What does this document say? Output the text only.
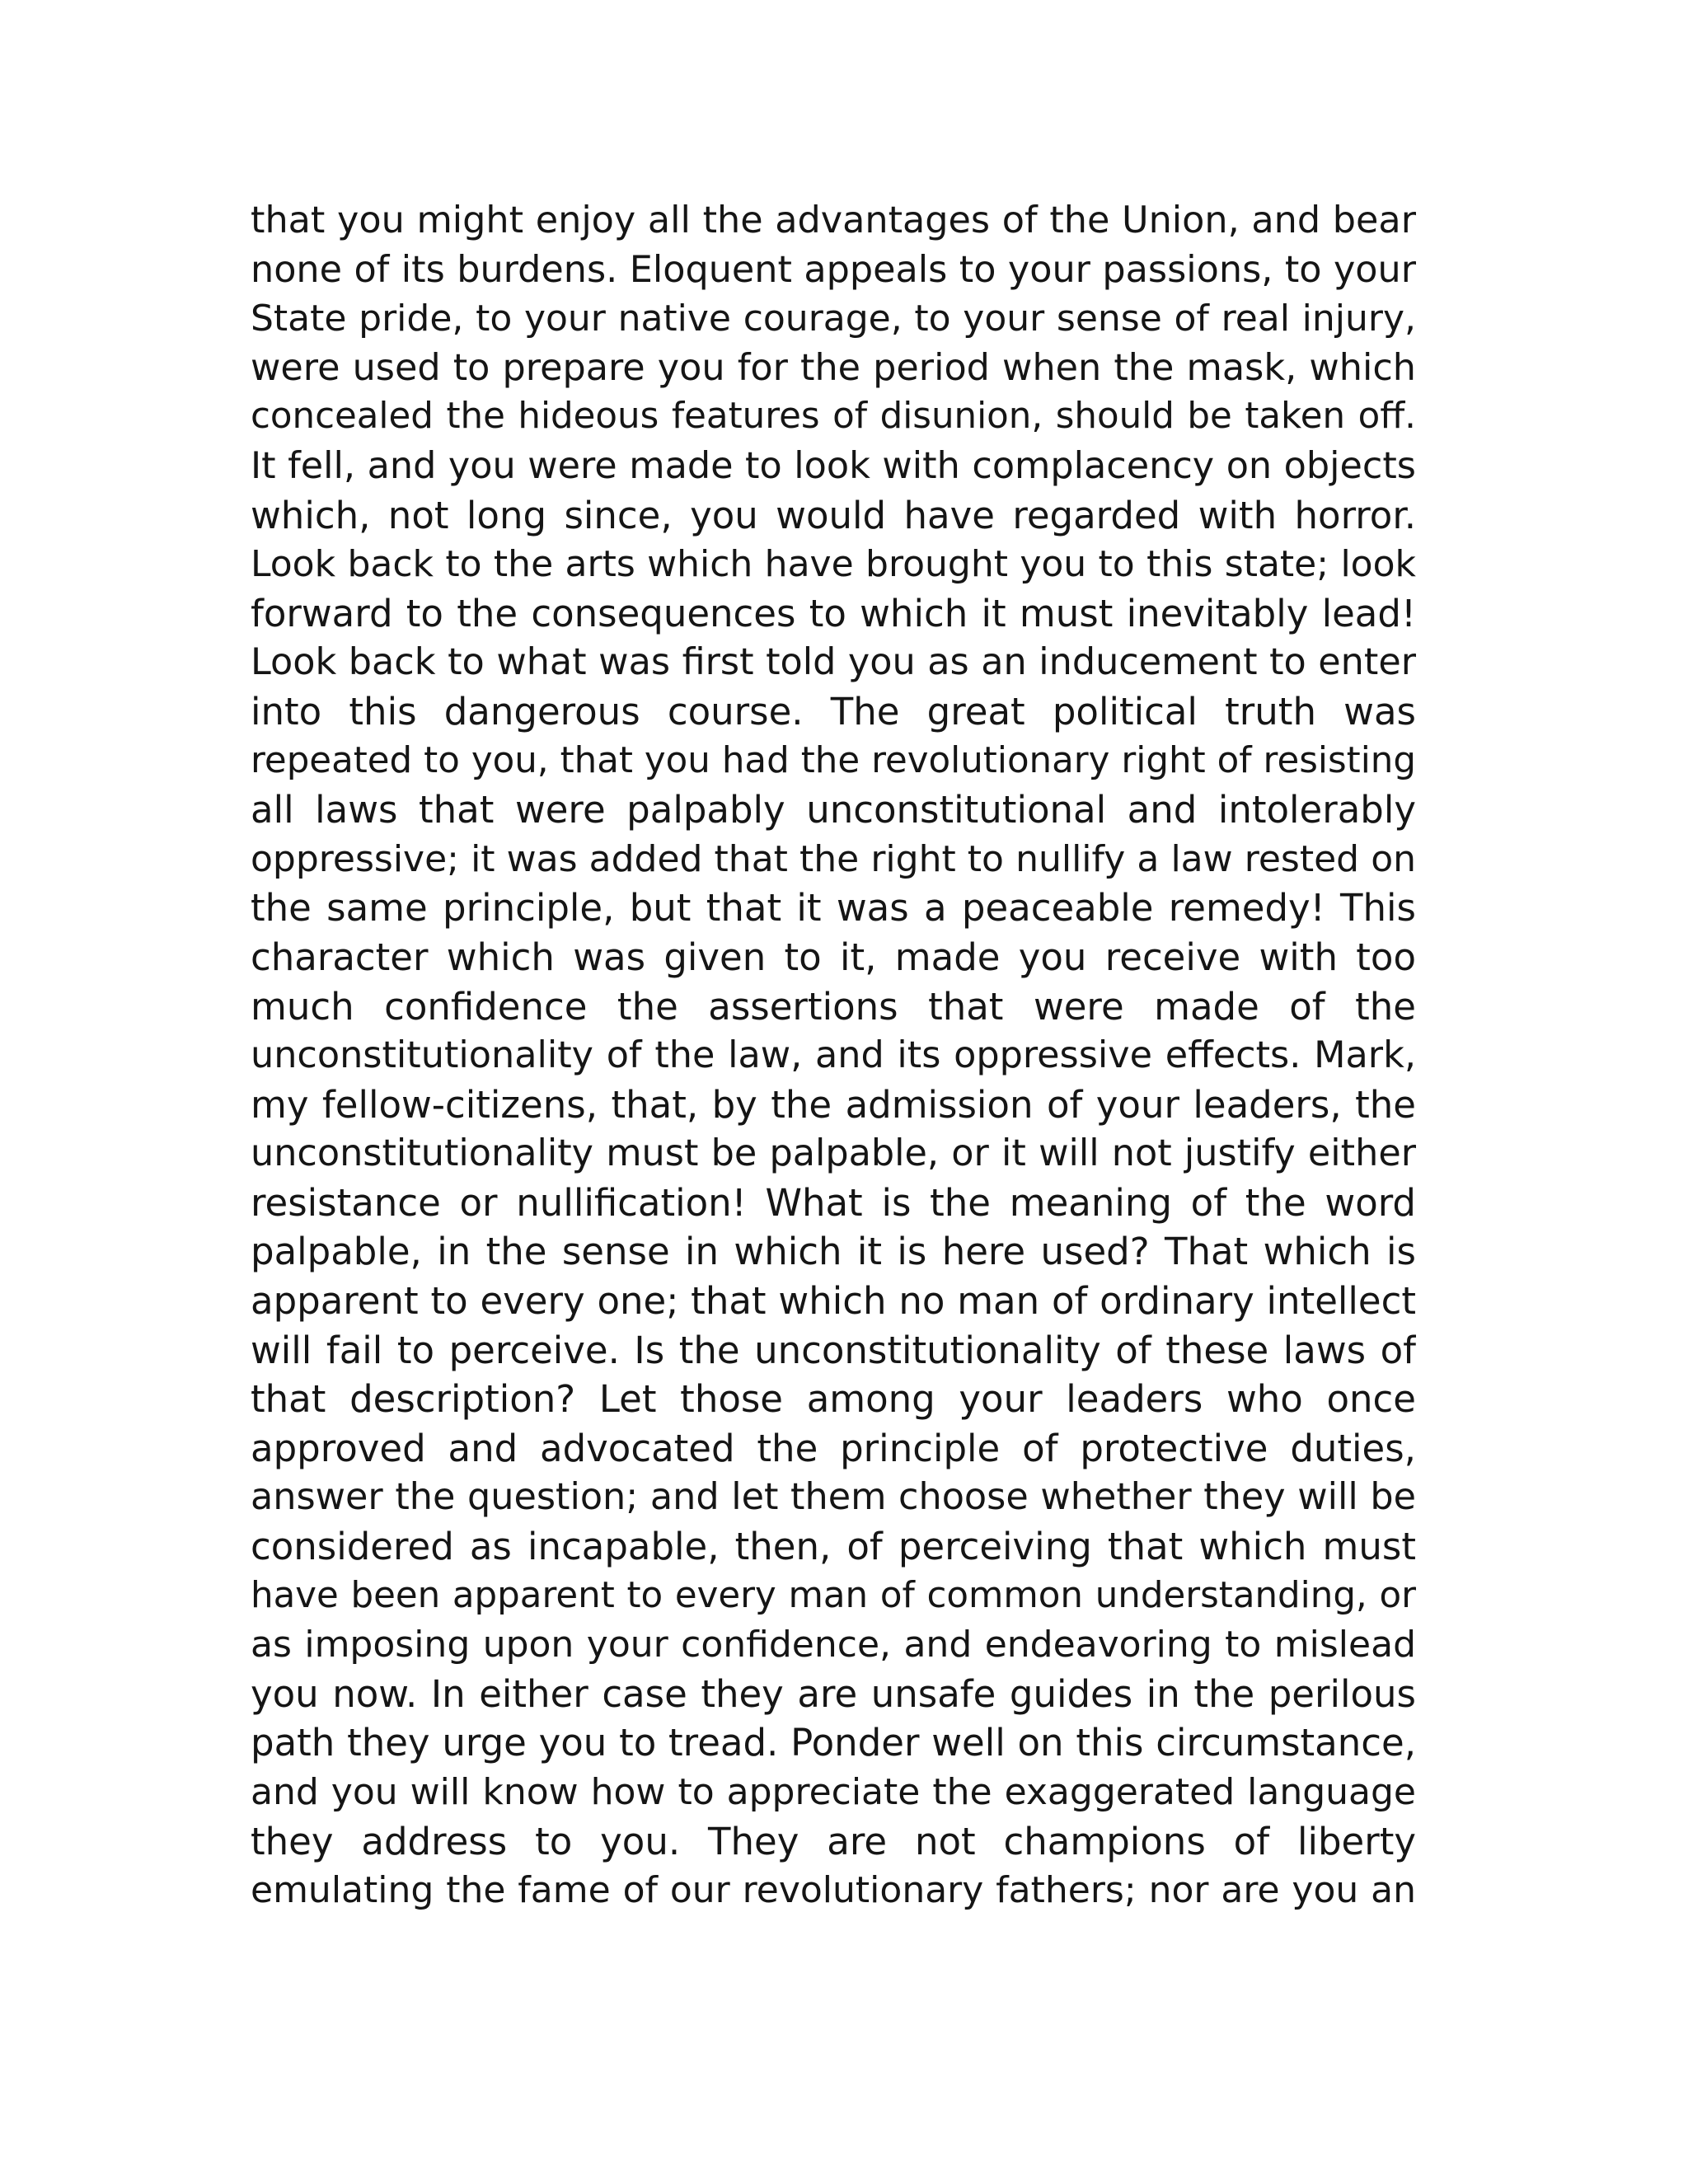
that you might enjoy all the advantages of the Union, and bear
none of its burdens. Eloquent appeals to your passions, to your
State pride, to your native courage, to your sense of real injury,
were used to prepare you for the period when the mask, which
concealed the hideous features of disunion, should be taken off.
It fell, and you were made to look with complacency on objects
which, not long since, you would have regarded with horror.
Look back to the arts which have brought you to this state; look
forward to the consequences to which it must inevitably lead!
Look back to what was first told you as an inducement to enter
into this dangerous course. The great political truth was
repeated to you, that you had the revolutionary right of resisting
all laws that were palpably unconstitutional and intolerably
oppressive; it was added that the right to nullify a law rested on
the same principle, but that it was a peaceable remedy! This
character which was given to it, made you receive with too
much confidence the assertions that were made of the
unconstitutionality of the law, and its oppressive effects. Mark,
my fellow-citizens, that, by the admission of your leaders, the
unconstitutionality must be palpable, or it will not justify either
resistance or nullification! What is the meaning of the word
palpable, in the sense in which it is here used? That which is
apparent to every one; that which no man of ordinary intellect
will fail to perceive. Is the unconstitutionality of these laws of
that description? Let those among your leaders who once
approved and advocated the principle of protective duties,
answer the question; and let them choose whether they will be
considered as incapable, then, of perceiving that which must
have been apparent to every man of common understanding, or
as imposing upon your confidence, and endeavoring to mislead
you now. In either case they are unsafe guides in the perilous
path they urge you to tread. Ponder well on this circumstance,
and you will know how to appreciate the exaggerated language
they address to you. They are not champions of liberty
emulating the fame of our revolutionary fathers; nor are you an
